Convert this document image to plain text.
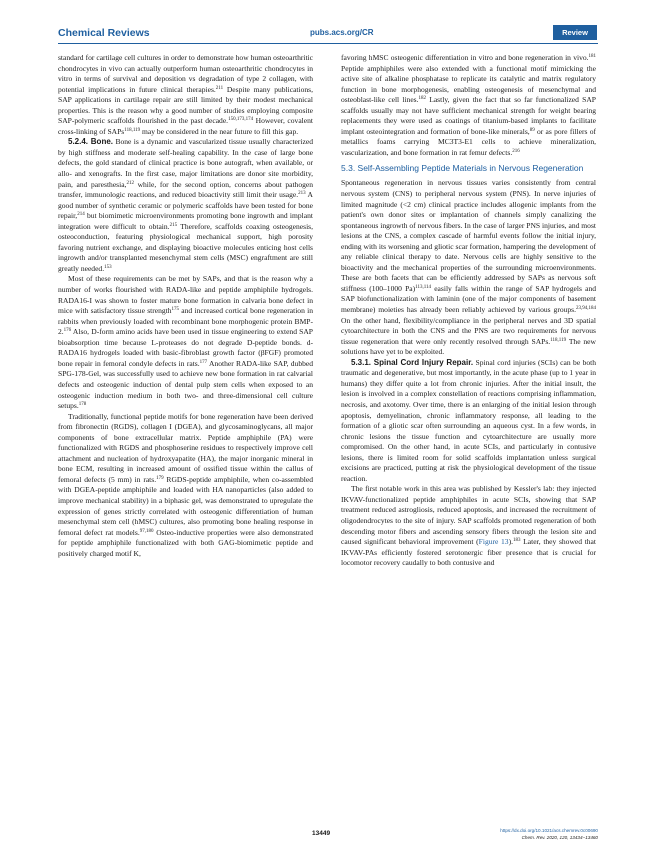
Chemical Reviews	pubs.acs.org/CR	Review

standard for cartilage cell cultures in order to demonstrate how human osteoarthritic chondrocytes in vivo can actually outperform human osteoarthritic chondrocytes in vitro in terms of survival and deposition vs degradation of type 2 collagen, with potential implications in future clinical therapies.$^{211}$ Despite many publications, SAP applications in cartilage repair are still limited by their modest mechanical properties. This is the reason why a good number of studies employing composite SAP-polymeric scaffolds flourished in the past decade.$^{150,173,174}$ However, covalent cross-linking of SAPs$^{118,119}$ may be considered in the near future to fill this gap.

5.2.4. Bone. Bone is a dynamic and vascularized tissue usually characterized by high stiffness and moderate self-healing capability. In the case of large bone defects, the gold standard of clinical practice is bone autograft, when available, or allo- and xenografts. In the first case, major limitations are donor site morbidity, pain, and paresthesia,$^{212}$ while, for the second option, concerns about pathogen transfer, immunologic reactions, and reduced bioactivity still limit their usage.$^{213}$ A good number of synthetic ceramic or polymeric scaffolds have been tested for bone repair,$^{214}$ but biomimetic microenvironments promoting bone ingrowth and implant integration were difficult to obtain.$^{215}$ Therefore, scaffolds coaxing osteogenesis, osteoconduction, featuring physiological mechanical support, high porosity favoring nutrient exchange, and displaying bioactive molecules enticing host cells ingrowth and/or transplanted mesenchymal stem cells (MSC) engraftment are still greatly needed.$^{153}$

Most of these requirements can be met by SAPs, and that is the reason why a number of works flourished with RADA-like and peptide amphiphile hydrogels. RADA16-I was shown to foster mature bone formation in calvaria bone defect in mice with satisfactory tissue strength$^{175}$ and increased cortical bone regeneration in rabbits when previously loaded with recombinant bone morphogenic protein BMP-2.$^{176}$ Also, D-form amino acids have been used in tissue engineering to extend SAP bioabsorption time because L-proteases do not degrade D-peptide bonds. d-RADA16 hydrogels loaded with basic-fibroblast growth factor (βFGF) promoted bone repair in femoral condyle defects in rats.$^{177}$ Another RADA-like SAP, dubbed SPG-178-Gel, was successfully used to achieve new bone formation in rat calvarial defects and osteogenic induction of dental pulp stem cells when exposed to an osteogenic induction medium in both two- and three-dimensional cell culture setups.$^{178}$

Traditionally, functional peptide motifs for bone regeneration have been derived from fibronectin (RGDS), collagen I (DGEA), and glycosaminoglycans, all major components of bone extracellular matrix. Peptide amphiphile (PA) were functionalized with RGDS and phosphoserine residues to respectively improve cell attachment and nucleation of hydroxyapatite (HA), the major inorganic mineral in bone ECM, resulting in increased amount of ossified tissue within the callus of femoral defects (5 mm) in rats.$^{179}$ RGDS-peptide amphiphile, when co-assembled with DGEA-peptide amphiphile and loaded with HA nanoparticles (also added to improve mechanical stability) in a biphasic gel, was demonstrated to upregulate the expression of genes strictly correlated with osteogenic differentiation of human mesenchymal stem cell (hMSC) cultures, also promoting bone healing response in femoral defect rat models.$^{97,180}$ Osteo-inductive properties were also demonstrated for peptide amphiphile functionalized with both GAG-biomimetic peptide and positively charged motif K,

favoring hMSC osteogenic differentiation in vitro and bone regeneration in vivo.$^{181}$ Peptide amphiphiles were also extended with a functional motif mimicking the active site of alkaline phosphatase to replicate its catalytic and matrix regulatory function in bone morphogenesis, enabling osteogenesis of mesenchymal and osteoblast-like cell lines.$^{182}$ Lastly, given the fact that so far functionalized SAP scaffolds usually may not have sufficient mechanical strength for weight bearing replacements they were used as coatings of titanium-based implants to facilitate implant osteointegration and formation of bone-like minerals,$^{89}$ or as pore fillers of metallics foams carrying MC3T3-E1 cells to achieve mineralization, vascularization, and bone formation in rat femur defects.$^{216}$

5.3. Self-Assembling Peptide Materials in Nervous Regeneration

Spontaneous regeneration in nervous tissues varies consistently from central nervous system (CNS) to peripheral nervous system (PNS). In nerve injuries of limited magnitude (<2 cm) clinical practice includes allogenic implants from the patient's own donor sites or implantation of channels simply canalizing the spontaneous ingrowth of nervous fibers. In the case of larger PNS injuries, and most lesions at the CNS, a complex cascade of harmful events follow the initial injury, ending with its worsening and gliotic scar formation, hampering the development of any reliable clinical therapy to date. Nervous cells are highly sensitive to the bioactivity and the mechanical properties of the surrounding microenvironments. These are both facets that can be efficiently addressed by SAPs as nervous soft stiffness (100–1000 Pa)$^{113,114}$ easily falls within the range of SAP hydrogels and SAP biofunctionalization with laminin (one of the major components of basement membrane) moieties has already been reliably achieved by various groups.$^{23,94,184}$ On the other hand, flexibility/compliance in the peripheral nerves and 3D spatial cytoarchitecture in both the CNS and the PNS are two requirements for nervous tissue regeneration that were only recently resolved through SAPs.$^{118,119}$ The new solutions have yet to be exploited.

5.3.1. Spinal Cord Injury Repair. Spinal cord injuries (SCIs) can be both traumatic and degenerative, but most importantly, in the acute phase (up to 1 year in humans) they differ quite a lot from chronic injuries. After the initial insult, the lesion is involved in a complex constellation of reactions comprising inflammation, necrosis, and axotomy. Over time, there is an enlarging of the initial lesion through apoptosis, demyelination, chronic inflammatory response, all leading to the formation of a gliotic scar often surrounding an aqueous cyst. In a few words, in chronic lesions the tissue function and cytoarchitecture are usually more compromised. On the other hand, in acute SCIs, and particularly in contusive lesions, there is limited room for solid scaffolds implantation unless surgical excisions are practiced, putting at risk the physiological development of the tissue reaction.

The first notable work in this area was published by Kessler's lab: they injected IKVAV-functionalized peptide amphiphiles in acute SCIs, showing that SAP treatment reduced astrogliosis, reduced apoptosis, and increased the recruitment of oligodendrocytes to the site of injury. SAP scaffolds promoted regeneration of both descending motor fibers and ascending sensory fibers through the lesion site and caused significant behavioral improvement (Figure 13).$^{183}$ Later, they showed that IKVAV-PAs efficiently fostered serotonergic fiber presence that is crucial for locomotor recovery caudally to both contusive and

13449	https://dx.doi.org/10.1021/acs.chemrev.0c00690
Chem. Rev. 2020, 120, 13434−13460
